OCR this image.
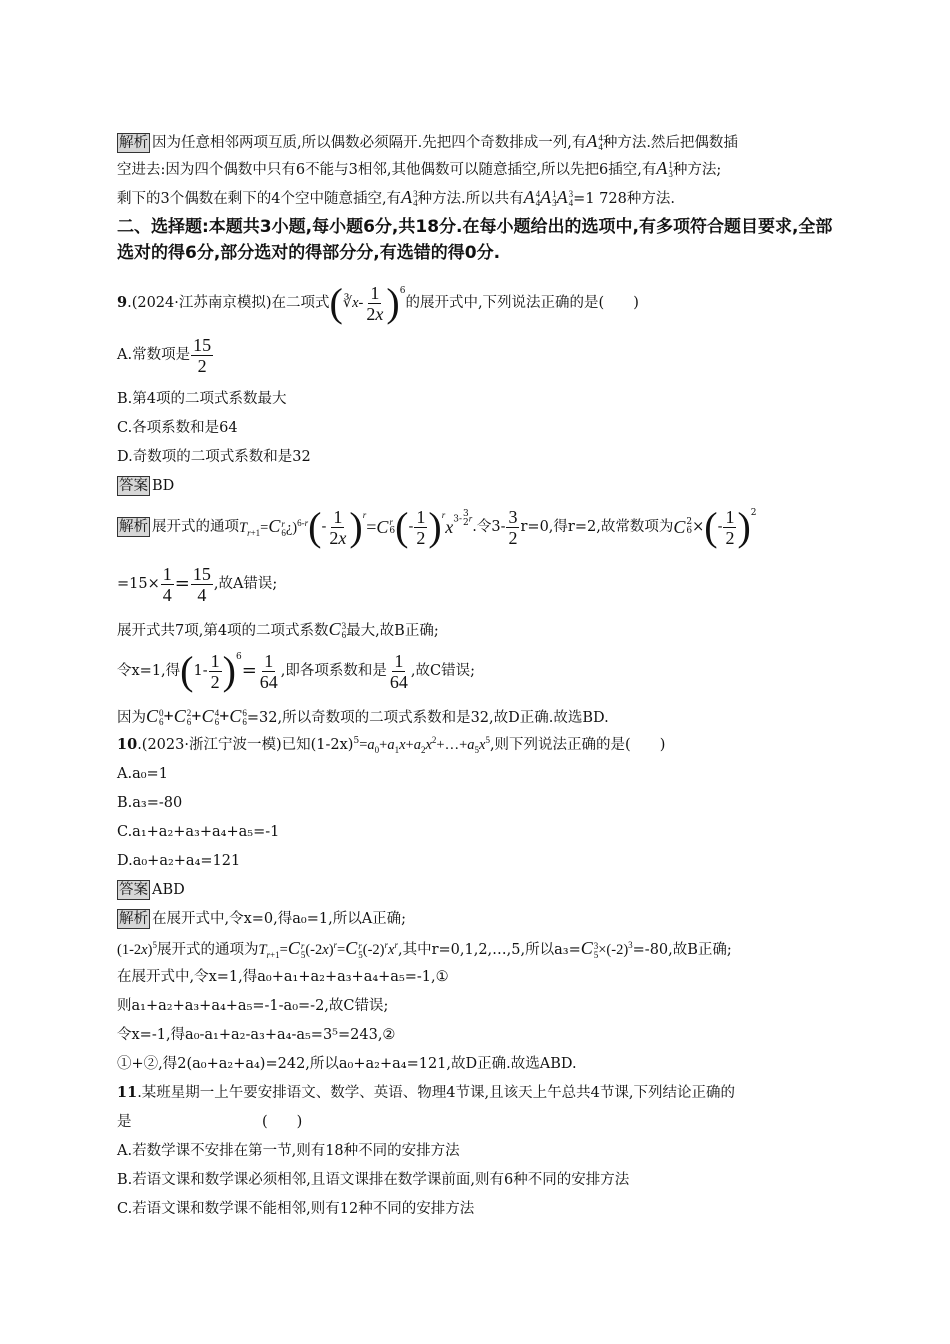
解析 因为任意相邻两项互质,所以偶数必须隔开.先把四个奇数排成一列,有A 4
4 种方法.然后把偶数插
空进去:因为四个偶数中只有6不能与3相邻,其他偶数可以随意插空,所以先把6插空,有A 1
3 种方法;
剩下的3个偶数在剩下的4个空中随意插空,有A 3
4 种方法.所以共有A 4
4 A 1
3 A 3
4 =1 728种方法.
二、选择题:本题共3小题,每小题6分,共18分.在每小题给出的选项中,有多项符合题目要求,全部选对的得6分,部分选对的得部分分,有选错的得0分.
9 .(2024·江苏南京模拟)在二项式 ( ∛x- $\frac{1}{2x} )^6$
的展开式中,下列说法正确的是(　　)
A.常数项是 $\frac{15}{2}$
B.第4项的二项式系数最大
C.各项系数和是64
D.奇数项的二项式系数和是32
答案 BD
解析 展开式的通项 $T_{r+1}=C$ r
6 ¿)$^{6-r}$ ( - $\frac{1}{2x} )^r$
=C r
6 ( - $\frac{1}{2} )^r$
$x^{3- 3 2 r}$
.令$3- \frac{3}{2} r=0$,得r=2,故常数项为 C 2
6 × ( - $\frac{1}{2} )^2$
$=15\times \frac{1}{4} = \frac{15}{4}$ ,故A错误;
展开式共7项,第4项的二项式系数C 3
6 最大,故B正确;
令x=1,得 ( $1- \frac{1}{2} )^6$
= $\frac{1}{64}$ ,即各项系数和是 $\frac{1}{64}$ ,故C错误;
因为C 0
6 +C 2
6 +C 4
6 +C 6
6 =32,所以奇数项的二项式系数和是32,故D正确.故选BD.
10.(2023·浙江宁波一模)已知$(1-2x)^5=a_0+a_1x+a_2x^2+\dots+a_5x^5$,则下列说法正确的是(　　)
A.a₀=1
B.a₃=-80
C.a₁+a₂+a₃+a₄+a₅=-1
D.a₀+a₂+a₄=121
答案 ABD
解析 在展开式中,令x=0,得a₀=1,所以A正确;
$(1-2x)^5$展开式的通项为$T_{r+1}=C$ r
5 $(-2x)^r=C$ r
5 $(-2)^rx^r$,其中r=0,1,2,…,5,所以a₃=C 3
$5 \times(-2)^3=-80$,故B正确;
在展开式中,令x=1,得a₀+a₁+a₂+a₃+a₄+a₅=-1,①
则a₁+a₂+a₃+a₄+a₅=-1-a₀=-2,故C错误;
令x=-1,得a₀-a₁+a₂-a₃+a₄-a₅=3⁵=243,②
①+②,得2(a₀+a₂+a₄)=242,所以a₀+a₂+a₄=121,故D正确.故选ABD.
11.某班星期一上午要安排语文、数学、英语、物理4节课,且该天上午总共4节课,下列结论正确的
是　　　　　　　　　(　　)
A.若数学课不安排在第一节,则有18种不同的安排方法
B.若语文课和数学课必须相邻,且语文课排在数学课前面,则有6种不同的安排方法
C.若语文课和数学课不能相邻,则有12种不同的安排方法
